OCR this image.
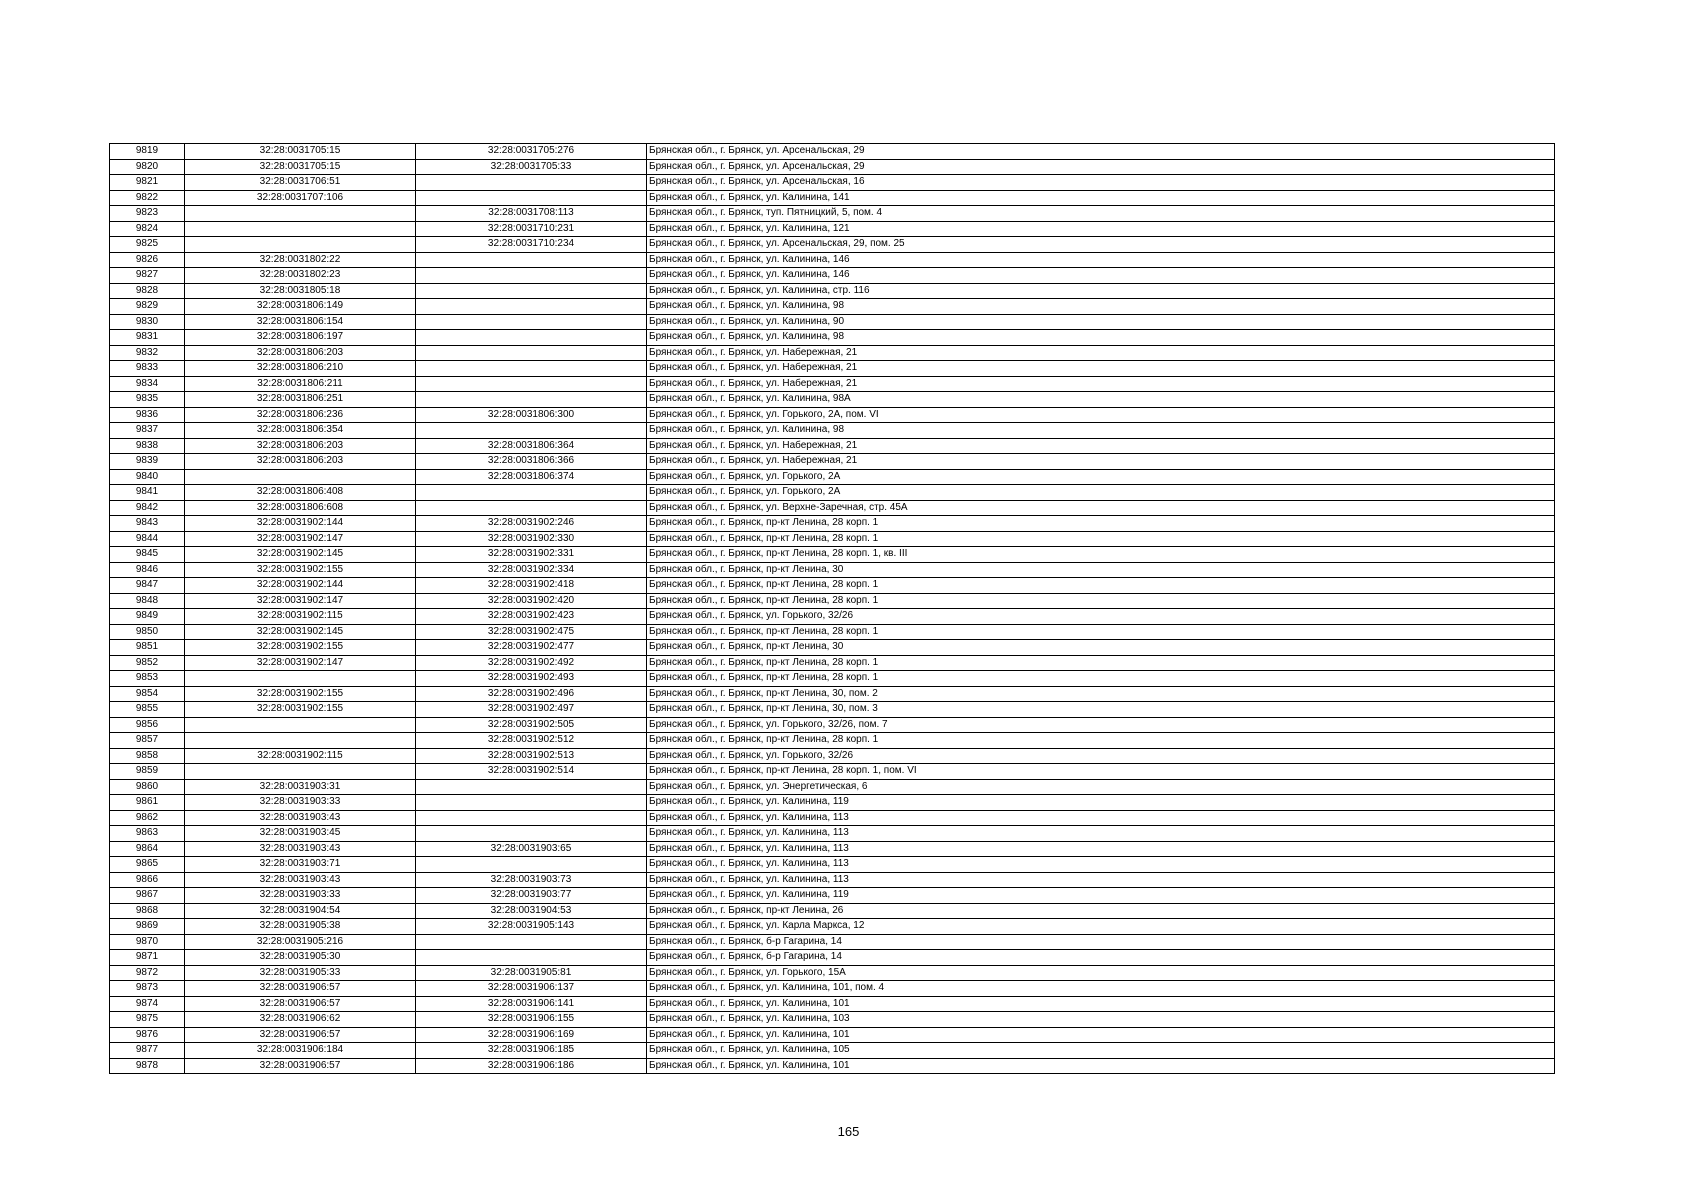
9819	32:28:0031705:15	32:28:0031705:276	Брянская обл., г. Брянск, ул. Арсенальская, 29
9820	32:28:0031705:15	32:28:0031705:33	Брянская обл., г. Брянск, ул. Арсенальская, 29
9821	32:28:0031706:51		Брянская обл., г. Брянск, ул. Арсенальская, 16
9822	32:28:0031707:106		Брянская обл., г. Брянск, ул. Калинина, 141
9823		32:28:0031708:113	Брянская обл., г. Брянск, туп. Пятницкий, 5, пом. 4
9824		32:28:0031710:231	Брянская обл., г. Брянск, ул. Калинина, 121
9825		32:28:0031710:234	Брянская обл., г. Брянск, ул. Арсенальская, 29, пом. 25
9826	32:28:0031802:22		Брянская обл., г. Брянск, ул. Калинина, 146
9827	32:28:0031802:23		Брянская обл., г. Брянск, ул. Калинина, 146
9828	32:28:0031805:18		Брянская обл., г. Брянск, ул. Калинина, стр. 116
9829	32:28:0031806:149		Брянская обл., г. Брянск, ул. Калинина, 98
9830	32:28:0031806:154		Брянская обл., г. Брянск, ул. Калинина, 90
9831	32:28:0031806:197		Брянская обл., г. Брянск, ул. Калинина, 98
9832	32:28:0031806:203		Брянская обл., г. Брянск, ул. Набережная, 21
9833	32:28:0031806:210		Брянская обл., г. Брянск, ул. Набережная, 21
9834	32:28:0031806:211		Брянская обл., г. Брянск, ул. Набережная, 21
9835	32:28:0031806:251		Брянская обл., г. Брянск, ул. Калинина, 98А
9836	32:28:0031806:236	32:28:0031806:300	Брянская обл., г. Брянск, ул. Горького, 2А, пом. VI
9837	32:28:0031806:354		Брянская обл., г. Брянск, ул. Калинина, 98
9838	32:28:0031806:203	32:28:0031806:364	Брянская обл., г. Брянск, ул. Набережная, 21
9839	32:28:0031806:203	32:28:0031806:366	Брянская обл., г. Брянск, ул. Набережная, 21
9840		32:28:0031806:374	Брянская обл., г. Брянск, ул. Горького, 2А
9841	32:28:0031806:408		Брянская обл., г. Брянск, ул. Горького, 2А
9842	32:28:0031806:608		Брянская обл., г. Брянск, ул. Верхне-Заречная, стр. 45А
9843	32:28:0031902:144	32:28:0031902:246	Брянская обл., г. Брянск, пр-кт Ленина, 28 корп. 1
9844	32:28:0031902:147	32:28:0031902:330	Брянская обл., г. Брянск, пр-кт Ленина, 28 корп. 1
9845	32:28:0031902:145	32:28:0031902:331	Брянская обл., г. Брянск, пр-кт Ленина, 28 корп. 1, кв. III
9846	32:28:0031902:155	32:28:0031902:334	Брянская обл., г. Брянск, пр-кт Ленина, 30
9847	32:28:0031902:144	32:28:0031902:418	Брянская обл., г. Брянск, пр-кт Ленина, 28 корп. 1
9848	32:28:0031902:147	32:28:0031902:420	Брянская обл., г. Брянск, пр-кт Ленина, 28 корп. 1
9849	32:28:0031902:115	32:28:0031902:423	Брянская обл., г. Брянск, ул. Горького, 32/26
9850	32:28:0031902:145	32:28:0031902:475	Брянская обл., г. Брянск, пр-кт Ленина, 28 корп. 1
9851	32:28:0031902:155	32:28:0031902:477	Брянская обл., г. Брянск, пр-кт Ленина, 30
9852	32:28:0031902:147	32:28:0031902:492	Брянская обл., г. Брянск, пр-кт Ленина, 28 корп. 1
9853		32:28:0031902:493	Брянская обл., г. Брянск, пр-кт Ленина, 28 корп. 1
9854	32:28:0031902:155	32:28:0031902:496	Брянская обл., г. Брянск, пр-кт Ленина, 30, пом. 2
9855	32:28:0031902:155	32:28:0031902:497	Брянская обл., г. Брянск, пр-кт Ленина, 30, пом. 3
9856		32:28:0031902:505	Брянская обл., г. Брянск, ул. Горького, 32/26, пом. 7
9857		32:28:0031902:512	Брянская обл., г. Брянск, пр-кт Ленина, 28 корп. 1
9858	32:28:0031902:115	32:28:0031902:513	Брянская обл., г. Брянск, ул. Горького, 32/26
9859		32:28:0031902:514	Брянская обл., г. Брянск, пр-кт Ленина, 28 корп. 1, пом. VI
9860	32:28:0031903:31		Брянская обл., г. Брянск, ул. Энергетическая, 6
9861	32:28:0031903:33		Брянская обл., г. Брянск, ул. Калинина, 119
9862	32:28:0031903:43		Брянская обл., г. Брянск, ул. Калинина, 113
9863	32:28:0031903:45		Брянская обл., г. Брянск, ул. Калинина, 113
9864	32:28:0031903:43	32:28:0031903:65	Брянская обл., г. Брянск, ул. Калинина, 113
9865	32:28:0031903:71		Брянская обл., г. Брянск, ул. Калинина, 113
9866	32:28:0031903:43	32:28:0031903:73	Брянская обл., г. Брянск, ул. Калинина, 113
9867	32:28:0031903:33	32:28:0031903:77	Брянская обл., г. Брянск, ул. Калинина, 119
9868	32:28:0031904:54	32:28:0031904:53	Брянская обл., г. Брянск, пр-кт Ленина, 26
9869	32:28:0031905:38	32:28:0031905:143	Брянская обл., г. Брянск, ул. Карла Маркса, 12
9870	32:28:0031905:216		Брянская обл., г. Брянск, б-р Гагарина, 14
9871	32:28:0031905:30		Брянская обл., г. Брянск, б-р Гагарина, 14
9872	32:28:0031905:33	32:28:0031905:81	Брянская обл., г. Брянск, ул. Горького, 15А
9873	32:28:0031906:57	32:28:0031906:137	Брянская обл., г. Брянск, ул. Калинина, 101, пом. 4
9874	32:28:0031906:57	32:28:0031906:141	Брянская обл., г. Брянск, ул. Калинина, 101
9875	32:28:0031906:62	32:28:0031906:155	Брянская обл., г. Брянск, ул. Калинина, 103
9876	32:28:0031906:57	32:28:0031906:169	Брянская обл., г. Брянск, ул. Калинина, 101
9877	32:28:0031906:184	32:28:0031906:185	Брянская обл., г. Брянск, ул. Калинина, 105
9878	32:28:0031906:57	32:28:0031906:186	Брянская обл., г. Брянск, ул. Калинина, 101
165
